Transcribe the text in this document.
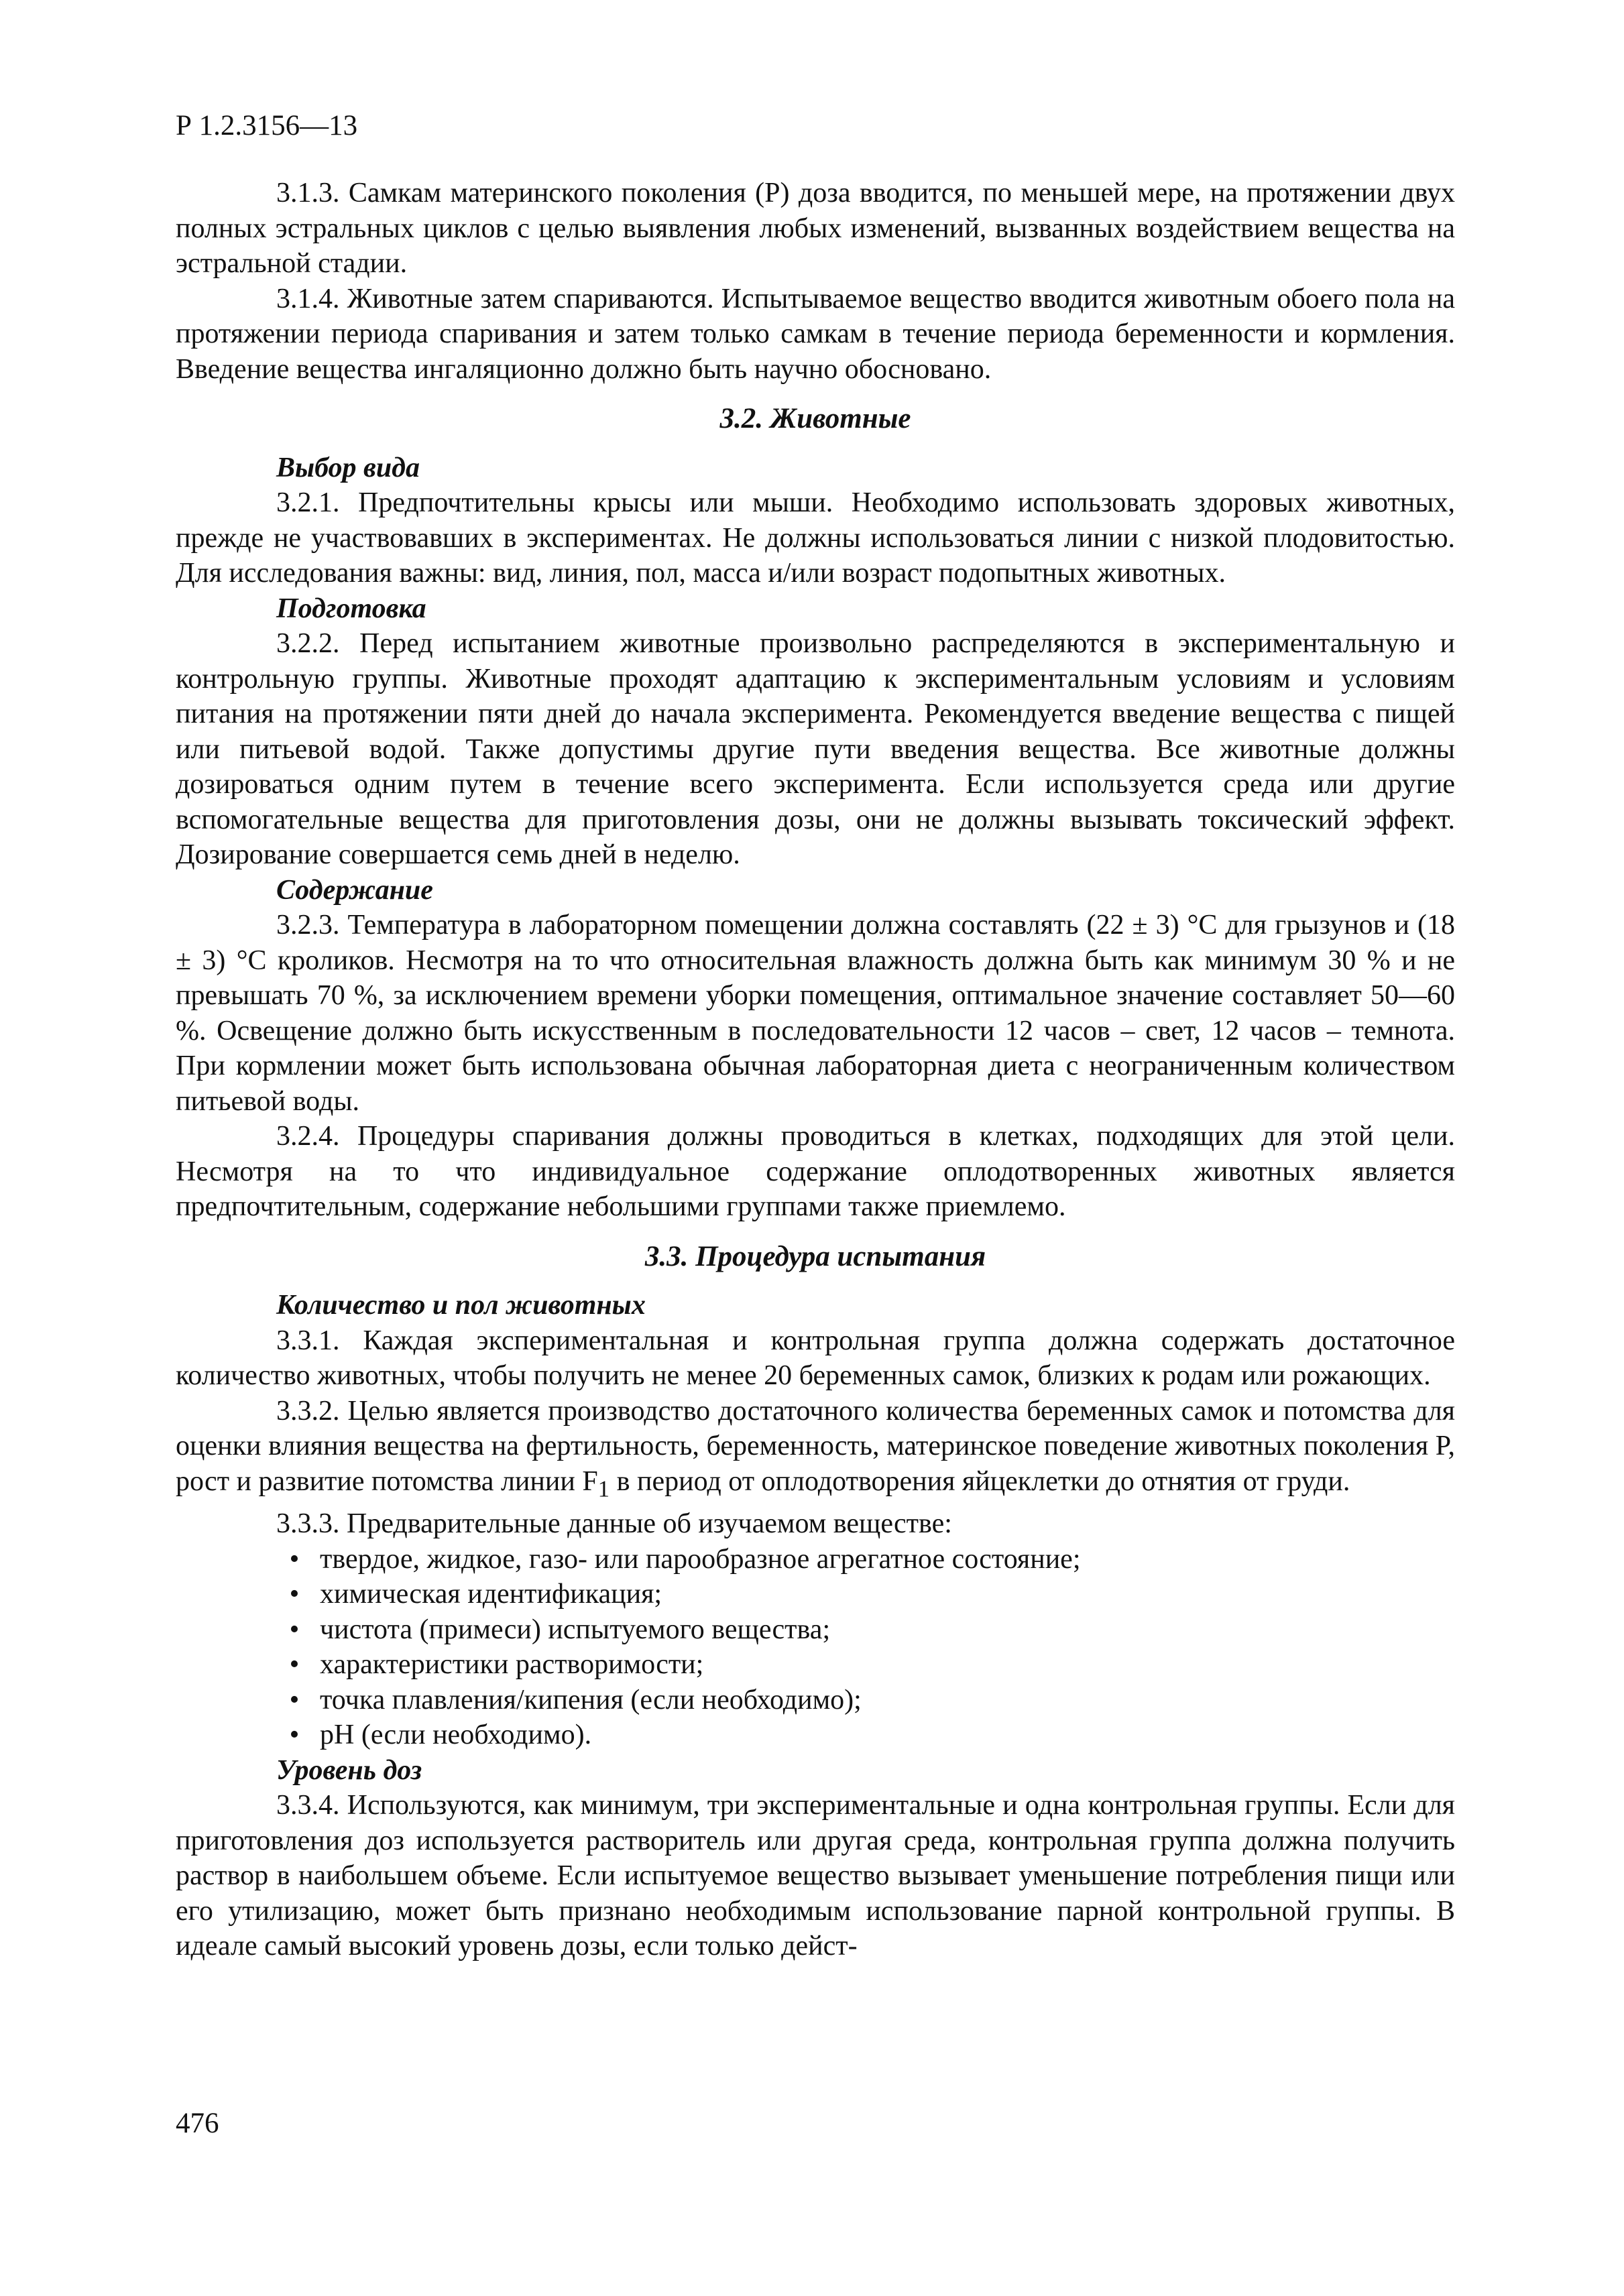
Р 1.2.3156—13

3.1.3. Самкам материнского поколения (P) доза вводится, по меньшей мере, на протяжении двух полных эстральных циклов с целью выявления любых изменений, вызванных воздействием вещества на эстральной стадии.

3.1.4. Животные затем спариваются. Испытываемое вещество вводится животным обоего пола на протяжении периода спаривания и затем только самкам в течение периода беременности и кормления. Введение вещества ингаляционно должно быть научно обосновано.

3.2. Животные
Выбор вида

3.2.1. Предпочтительны крысы или мыши. Необходимо использовать здоровых животных, прежде не участвовавших в экспериментах. Не должны использоваться линии с низкой плодовитостью. Для исследования важны: вид, линия, пол, масса и/или возраст подопытных животных.

Подготовка

3.2.2. Перед испытанием животные произвольно распределяются в экспериментальную и контрольную группы. Животные проходят адаптацию к экспериментальным условиям и условиям питания на протяжении пяти дней до начала эксперимента. Рекомендуется введение вещества с пищей или питьевой водой. Также допустимы другие пути введения вещества. Все животные должны дозироваться одним путем в течение всего эксперимента. Если используется среда или другие вспомогательные вещества для приготовления дозы, они не должны вызывать токсический эффект. Дозирование совершается семь дней в неделю.

Содержание

3.2.3. Температура в лабораторном помещении должна составлять (22 ± 3) °С для грызунов и (18 ± 3) °С кроликов. Несмотря на то что относительная влажность должна быть как минимум 30 % и не превышать 70 %, за исключением времени уборки помещения, оптимальное значение составляет 50—60 %. Освещение должно быть искусственным в последовательности 12 часов – свет, 12 часов – темнота. При кормлении может быть использована обычная лабораторная диета с неограниченным количеством питьевой воды.

3.2.4. Процедуры спаривания должны проводиться в клетках, подходящих для этой цели. Несмотря на то что индивидуальное содержание оплодотворенных животных является предпочтительным, содержание небольшими группами также приемлемо.

3.3. Процедура испытания
Количество и пол животных

3.3.1. Каждая экспериментальная и контрольная группа должна содержать достаточное количество животных, чтобы получить не менее 20 беременных самок, близких к родам или рожающих.

3.3.2. Целью является производство достаточного количества беременных самок и потомства для оценки влияния вещества на фертильность, беременность, материнское поведение животных поколения P, рост и развитие потомства линии $F_1$ в период от оплодотворения яйцеклетки до отнятия от груди.

3.3.3. Предварительные данные об изучаемом веществе:

• твердое, жидкое, газо- или парообразное агрегатное состояние;
• химическая идентификация;
• чистота (примеси) испытуемого вещества;
• характеристики растворимости;
• точка плавления/кипения (если необходимо);
• pH (если необходимо).
Уровень доз

3.3.4. Используются, как минимум, три экспериментальные и одна контрольная группы. Если для приготовления доз используется растворитель или другая среда, контрольная группа должна получить раствор в наибольшем объеме. Если испытуемое вещество вызывает уменьшение потребления пищи или его утилизацию, может быть признано необходимым использование парной контрольной группы. В идеале самый высокий уровень дозы, если только дейст-

476
